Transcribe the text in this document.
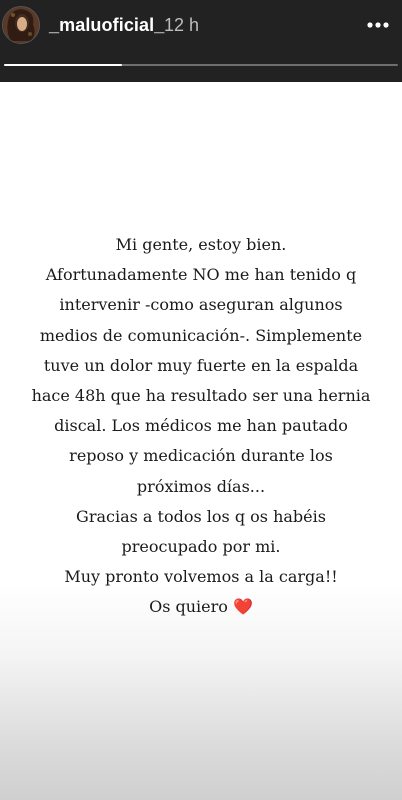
_maluoficial_ 12 h
Mi gente, estoy bien.
Afortunadamente NO me han tenido q
intervenir -como aseguran algunos
medios de comunicación-. Simplemente
tuve un dolor muy fuerte en la espalda
hace 48h que ha resultado ser una hernia
discal. Los médicos me han pautado
reposo y medicación durante los
próximos días...
Gracias a todos los q os habéis
preocupado por mi.
Muy pronto volvemos a la carga!!
Os quiero ❤️
